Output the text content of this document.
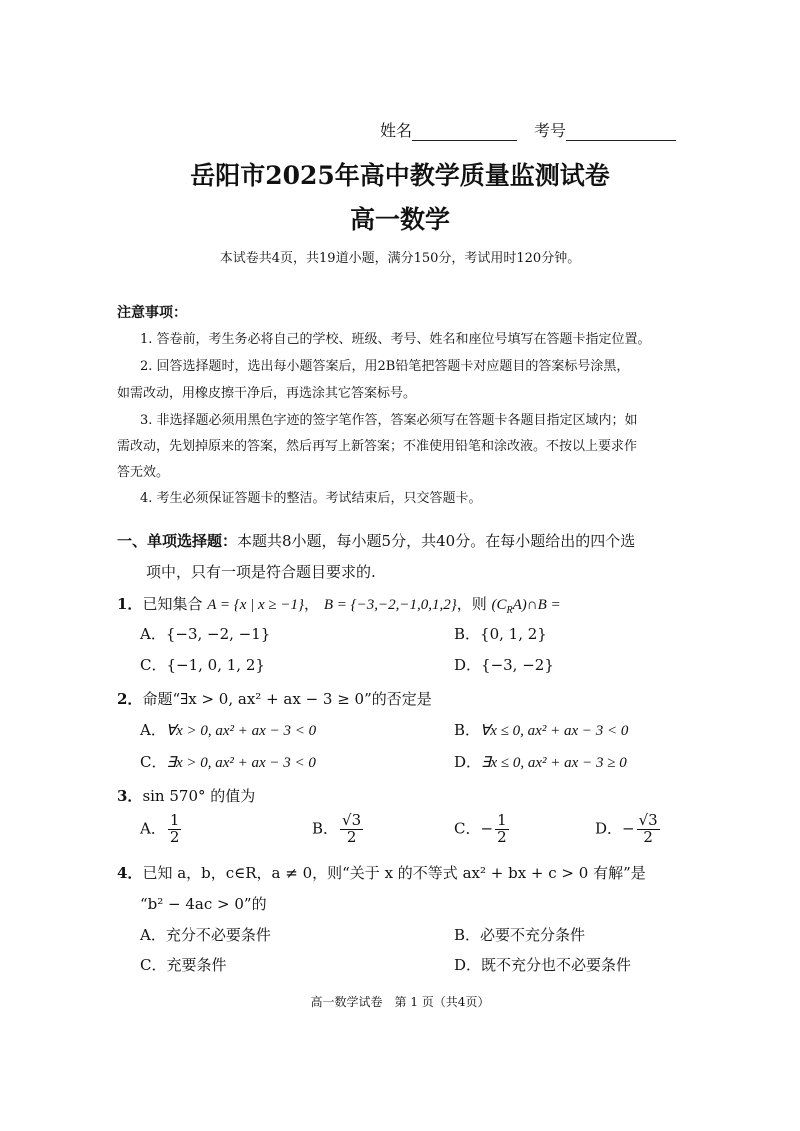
姓名	考号
岳阳市2025年高中教学质量监测试卷
高一数学
本试卷共4页，共19道小题，满分150分，考试用时120分钟。
注意事项：
1. 答卷前，考生务必将自己的学校、班级、考号、姓名和座位号填写在答题卡指定位置。
2. 回答选择题时，选出每小题答案后，用2B铅笔把答题卡对应题目的答案标号涂黑，
如需改动，用橡皮擦干净后，再选涂其它答案标号。
3. 非选择题必须用黑色字迹的签字笔作答，答案必须写在答题卡各题目指定区域内；如
需改动，先划掉原来的答案，然后再写上新答案；不准使用铅笔和涂改液。不按以上要求作
答无效。
4. 考生必须保证答题卡的整洁。考试结束后，只交答题卡。
一、单项选择题：本题共8小题，每小题5分，共40分。在每小题给出的四个选
项中，只有一项是符合题目要求的.
1．已知集合 A = {x | x ≥ −1}， B = {−3,−2,−1,0,1,2}，则 $(C_RA)\cap B$ =
A．{−3, −2, −1}	B．{0, 1, 2}
C．{−1, 0, 1, 2}	D．{−3, −2}
2．命题“∃x > 0, ax² + ax − 3 ≥ 0”的否定是
A．∀x > 0, ax² + ax − 3 < 0	B．∀x ≤ 0, ax² + ax − 3 < 0
C．∃x > 0, ax² + ax − 3 < 0	D．∃x ≤ 0, ax² + ax − 3 ≥ 0
3．sin 570° 的值为
A． $\frac{1}{2}$	B． $\frac{√3}{2}$	C．− $\frac{1}{2}$	D．− $\frac{√3}{2}$
4．已知 a，b，c∈R，a ≠ 0，则“关于 x 的不等式 ax² + bx + c > 0 有解”是
“b² − 4ac > 0”的
A．充分不必要条件	B．必要不充分条件
C．充要条件	D．既不充分也不必要条件
高一数学试卷　第 1 页（共4页）
